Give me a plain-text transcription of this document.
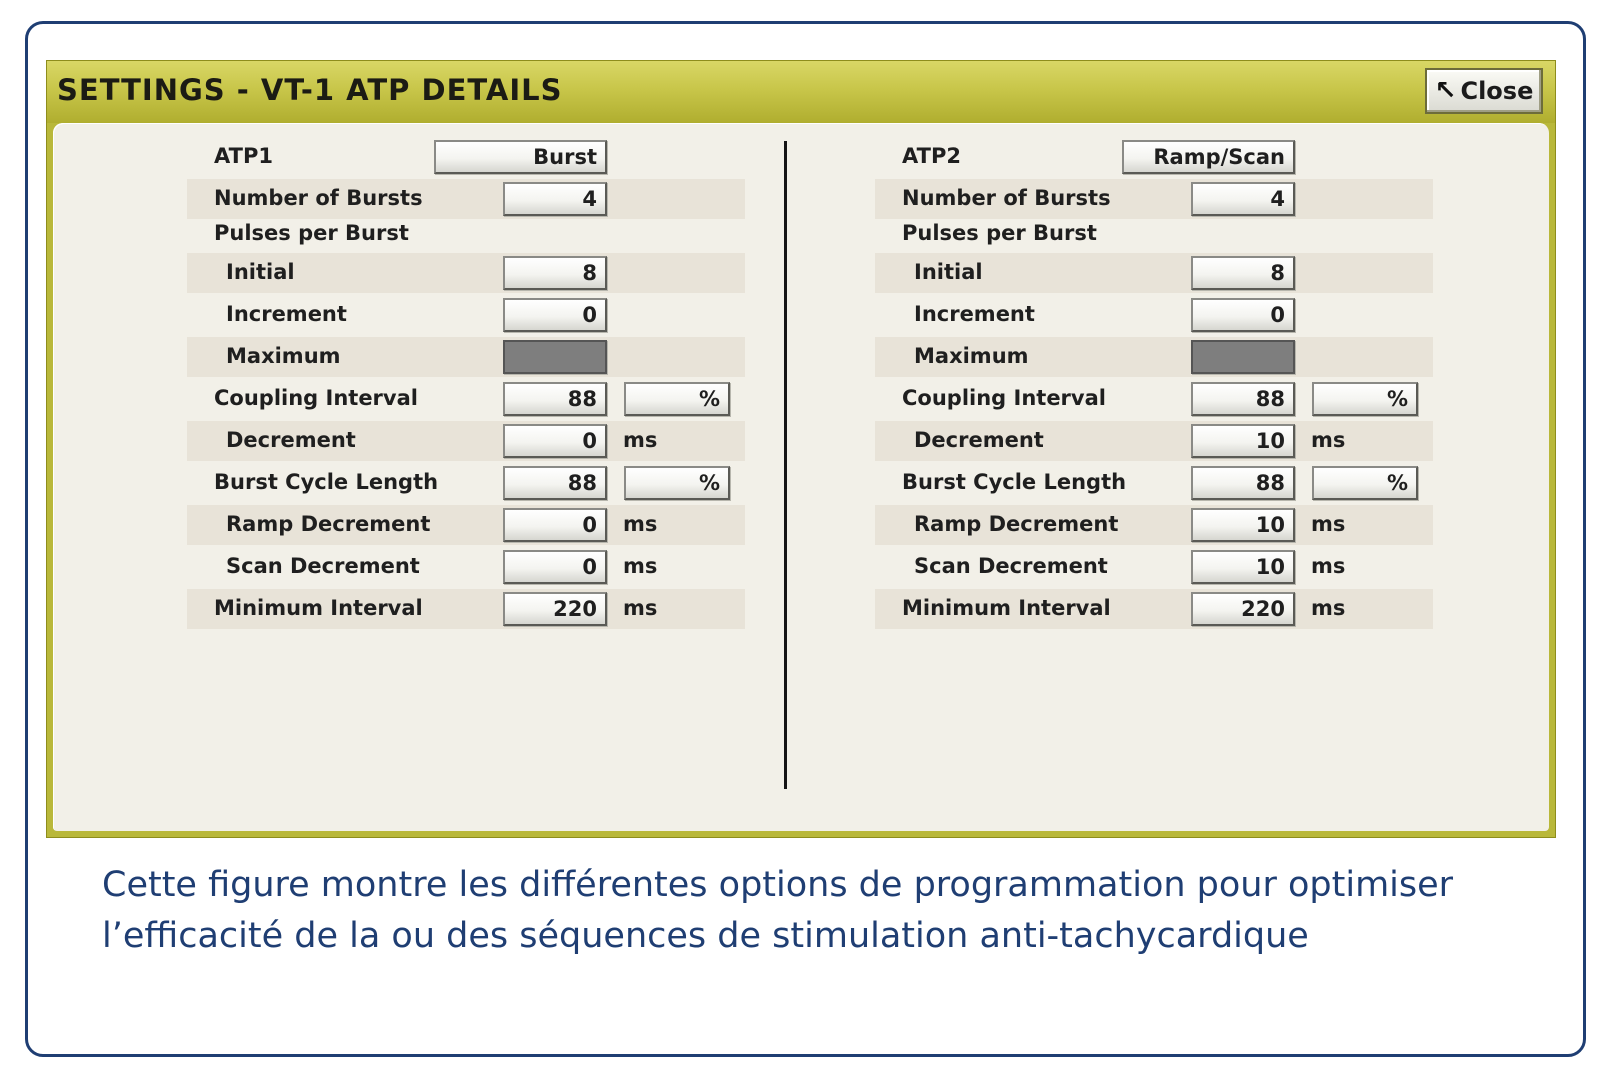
SETTINGS - VT-1 ATP DETAILS	↖ Close
ATP1	Burst
Number of Bursts	4
Pulses per Burst
Initial	8
Increment	0
Maximum
Coupling Interval	88	%
Decrement	0	ms
Burst Cycle Length	88	%
Ramp Decrement	0	ms
Scan Decrement	0	ms
Minimum Interval	220	ms
ATP2	Ramp/Scan
Number of Bursts	4
Pulses per Burst
Initial	8
Increment	0
Maximum
Coupling Interval	88	%
Decrement	10	ms
Burst Cycle Length	88	%
Ramp Decrement	10	ms
Scan Decrement	10	ms
Minimum Interval	220	ms
Cette figure montre les différentes options de programmation pour optimiser l’efficacité de la ou des séquences de stimulation anti-tachycardique
